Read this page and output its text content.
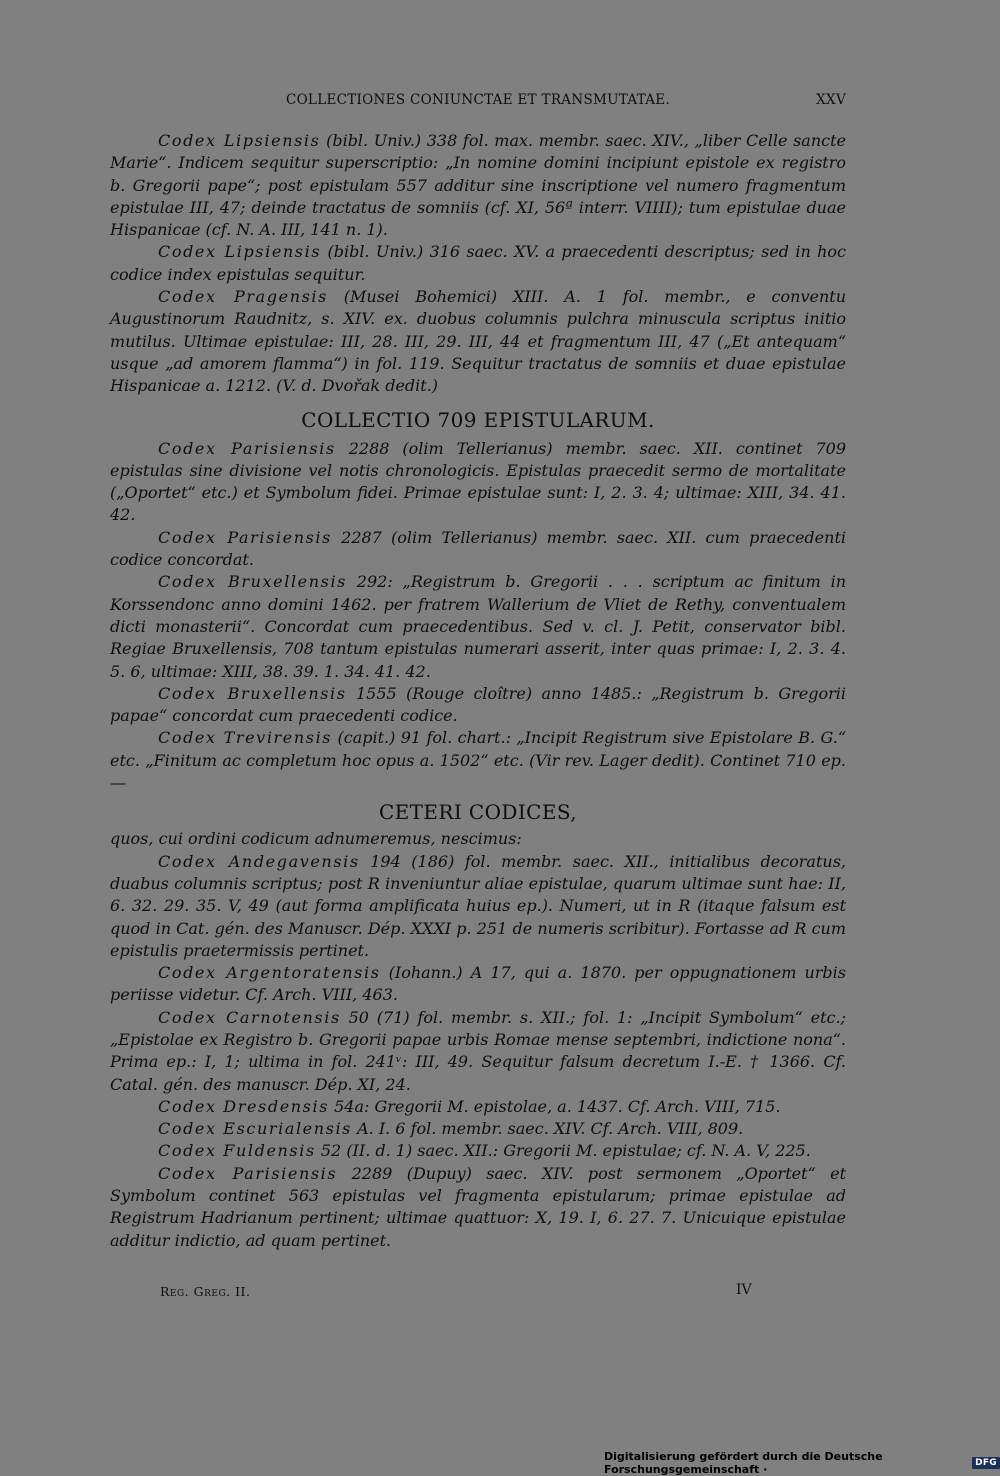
COLLECTIONES CONIUNCTAE ET TRANSMUTATAE.	XXV

Codex Lipsiensis (bibl. Univ.) 338 fol. max. membr. saec. XIV., „liber Celle sancte Marie“. Indicem sequitur superscriptio: „In nomine domini incipiunt epistole ex registro b. Gregorii pape“; post epistulam 557 additur sine inscriptione vel numero fragmentum epistulae III, 47; deinde tractatus de somniis (cf. XI, 56ª interr. VIIII); tum epistulae duae Hispanicae (cf. N. A. III, 141 n. 1).

Codex Lipsiensis (bibl. Univ.) 316 saec. XV. a praecedenti descriptus; sed in hoc codice index epistulas sequitur.

Codex Pragensis (Musei Bohemici) XIII. A. 1 fol. membr., e conventu Augustinorum Raudnitz, s. XIV. ex. duobus columnis pulchra minuscula scriptus initio mutilus. Ultimae epistulae: III, 28. III, 29. III, 44 et fragmentum III, 47 („Et antequam“ usque „ad amorem flamma“) in fol. 119. Sequitur tractatus de somniis et duae epistulae Hispanicae a. 1212. (V. d. Dvořak dedit.)

COLLECTIO 709 EPISTULARUM.

Codex Parisiensis 2288 (olim Tellerianus) membr. saec. XII. continet 709 epistulas sine divisione vel notis chronologicis. Epistulas praecedit sermo de mortalitate („Oportet“ etc.) et Symbolum fidei. Primae epistulae sunt: I, 2. 3. 4; ultimae: XIII, 34. 41. 42.

Codex Parisiensis 2287 (olim Tellerianus) membr. saec. XII. cum praecedenti codice concordat.

Codex Bruxellensis 292: „Registrum b. Gregorii . . . scriptum ac finitum in Korssendonc anno domini 1462. per fratrem Wallerium de Vliet de Rethy, conventualem dicti monasterii“. Concordat cum praecedentibus. Sed v. cl. J. Petit, conservator bibl. Regiae Bruxellensis, 708 tantum epistulas numerari asserit, inter quas primae: I, 2. 3. 4. 5. 6, ultimae: XIII, 38. 39. 1. 34. 41. 42.

Codex Bruxellensis 1555 (Rouge cloître) anno 1485.: „Registrum b. Gregorii papae“ concordat cum praecedenti codice.

Codex Trevirensis (capit.) 91 fol. chart.: „Incipit Registrum sive Epistolare B. G.“ etc. „Finitum ac completum hoc opus a. 1502“ etc. (Vir rev. Lager dedit). Continet 710 ep. —

CETERI CODICES,

quos, cui ordini codicum adnumeremus, nescimus:

Codex Andegavensis 194 (186) fol. membr. saec. XII., initialibus decoratus, duabus columnis scriptus; post R inveniuntur aliae epistulae, quarum ultimae sunt hae: II, 6. 32. 29. 35. V, 49 (aut forma amplificata huius ep.). Numeri, ut in R (itaque falsum est quod in Cat. gén. des Manuscr. Dép. XXXI p. 251 de numeris scribitur). Fortasse ad R cum epistulis praetermissis pertinet.

Codex Argentoratensis (Iohann.) A 17, qui a. 1870. per oppugnationem urbis periisse videtur. Cf. Arch. VIII, 463.

Codex Carnotensis 50 (71) fol. membr. s. XII.; fol. 1: „Incipit Symbolum“ etc.; „Epistolae ex Registro b. Gregorii papae urbis Romae mense septembri, indictione nona“. Prima ep.: I, 1; ultima in fol. 241ᵛ: III, 49. Sequitur falsum decretum I.-E. † 1366. Cf. Catal. gén. des manuscr. Dép. XI, 24.

Codex Dresdensis 54a: Gregorii M. epistolae, a. 1437. Cf. Arch. VIII, 715.

Codex Escurialensis A. I. 6 fol. membr. saec. XIV. Cf. Arch. VIII, 809.

Codex Fuldensis 52 (II. d. 1) saec. XII.: Gregorii M. epistulae; cf. N. A. V, 225.

Codex Parisiensis 2289 (Dupuy) saec. XIV. post sermonem „Oportet“ et Symbolum continet 563 epistulas vel fragmenta epistularum; primae epistulae ad Registrum Hadrianum pertinent; ultimae quattuor: X, 19. I, 6. 27. 7. Unicuique epistulae additur indictio, ad quam pertinet.

Reg. Greg. II.	IV
Digitalisierung gefördert durch die Deutsche Forschungsgemeinschaft ·	DFG
